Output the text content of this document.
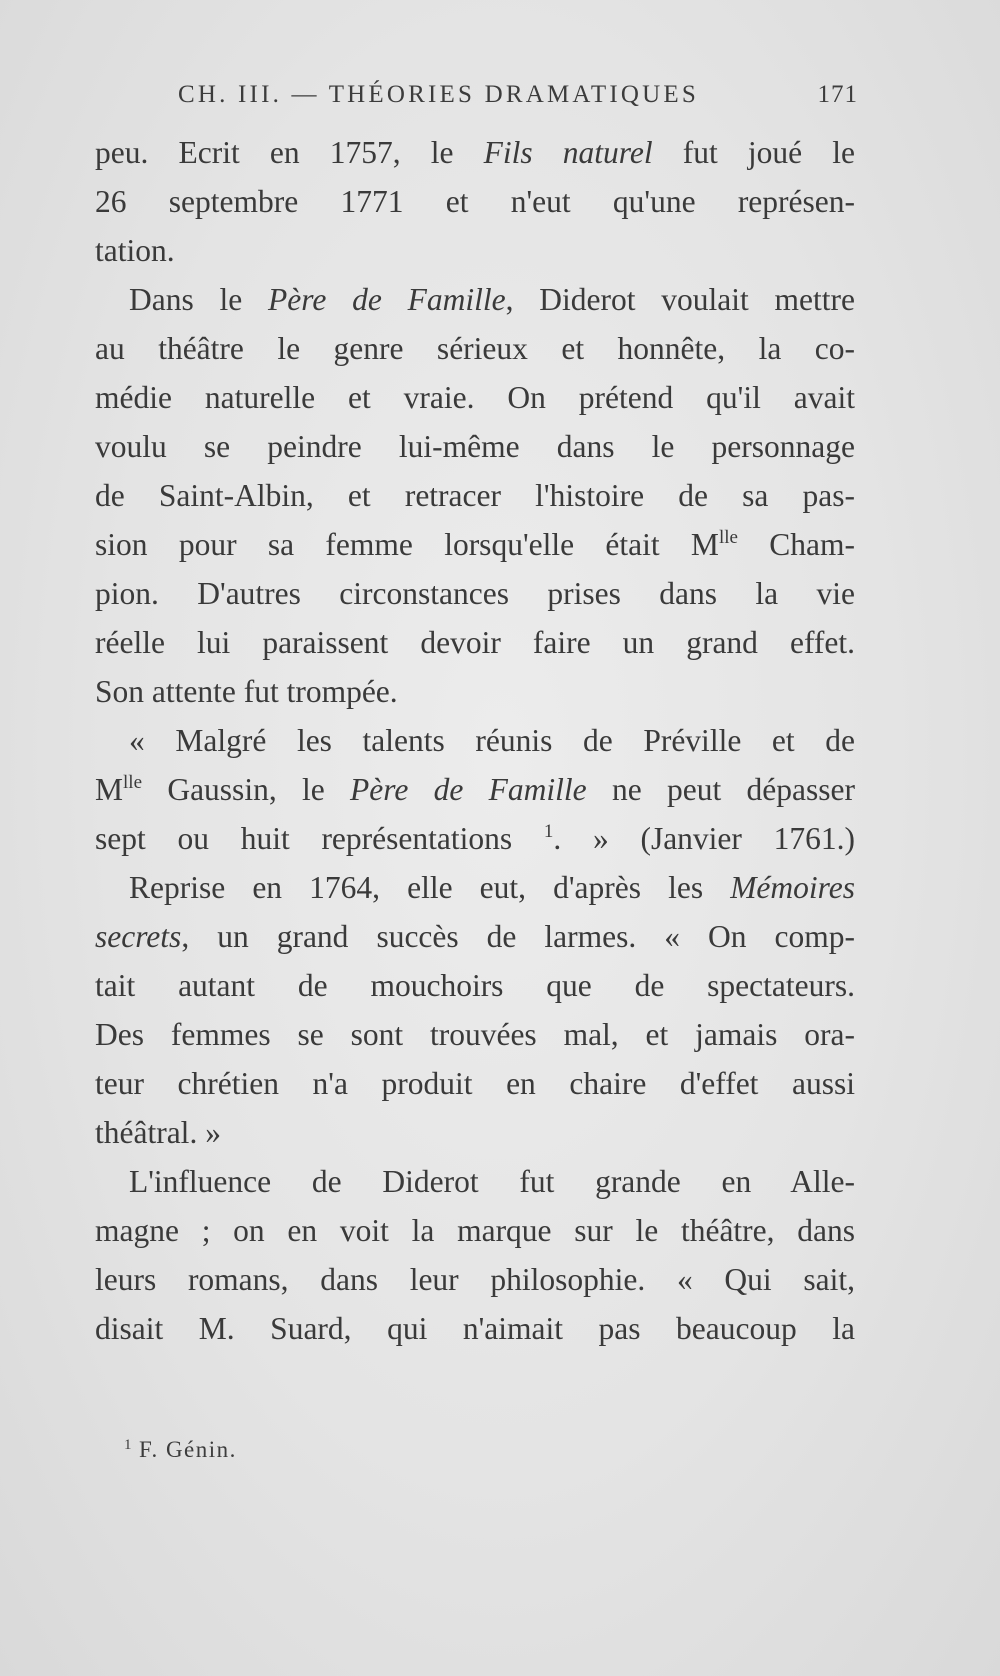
CH. III. — THÉORIES DRAMATIQUES	171
peu. Ecrit en 1757, le Fils naturel fut joué le
26 septembre 1771 et n'eut qu'une représen-
tation.
Dans le Père de Famille, Diderot voulait mettre
au théâtre le genre sérieux et honnête, la co-
médie naturelle et vraie. On prétend qu'il avait
voulu se peindre lui-même dans le personnage
de Saint-Albin, et retracer l'histoire de sa pas-
sion pour sa femme lorsqu'elle était $M^{lle}$ Cham-
pion. D'autres circonstances prises dans la vie
réelle lui paraissent devoir faire un grand effet.
Son attente fut trompée.
« Malgré les talents réunis de Préville et de
$M^{lle}$ Gaussin, le Père de Famille ne peut dépasser
sept ou huit représentations $^1$. » (Janvier 1761.)
Reprise en 1764, elle eut, d'après les Mémoires
secrets, un grand succès de larmes. « On comp-
tait autant de mouchoirs que de spectateurs.
Des femmes se sont trouvées mal, et jamais ora-
teur chrétien n'a produit en chaire d'effet aussi
théâtral. »
L'influence de Diderot fut grande en Alle-
magne ; on en voit la marque sur le théâtre, dans
leurs romans, dans leur philosophie. « Qui sait,
disait M. Suard, qui n'aimait pas beaucoup la
$^1$ F. Génin.
